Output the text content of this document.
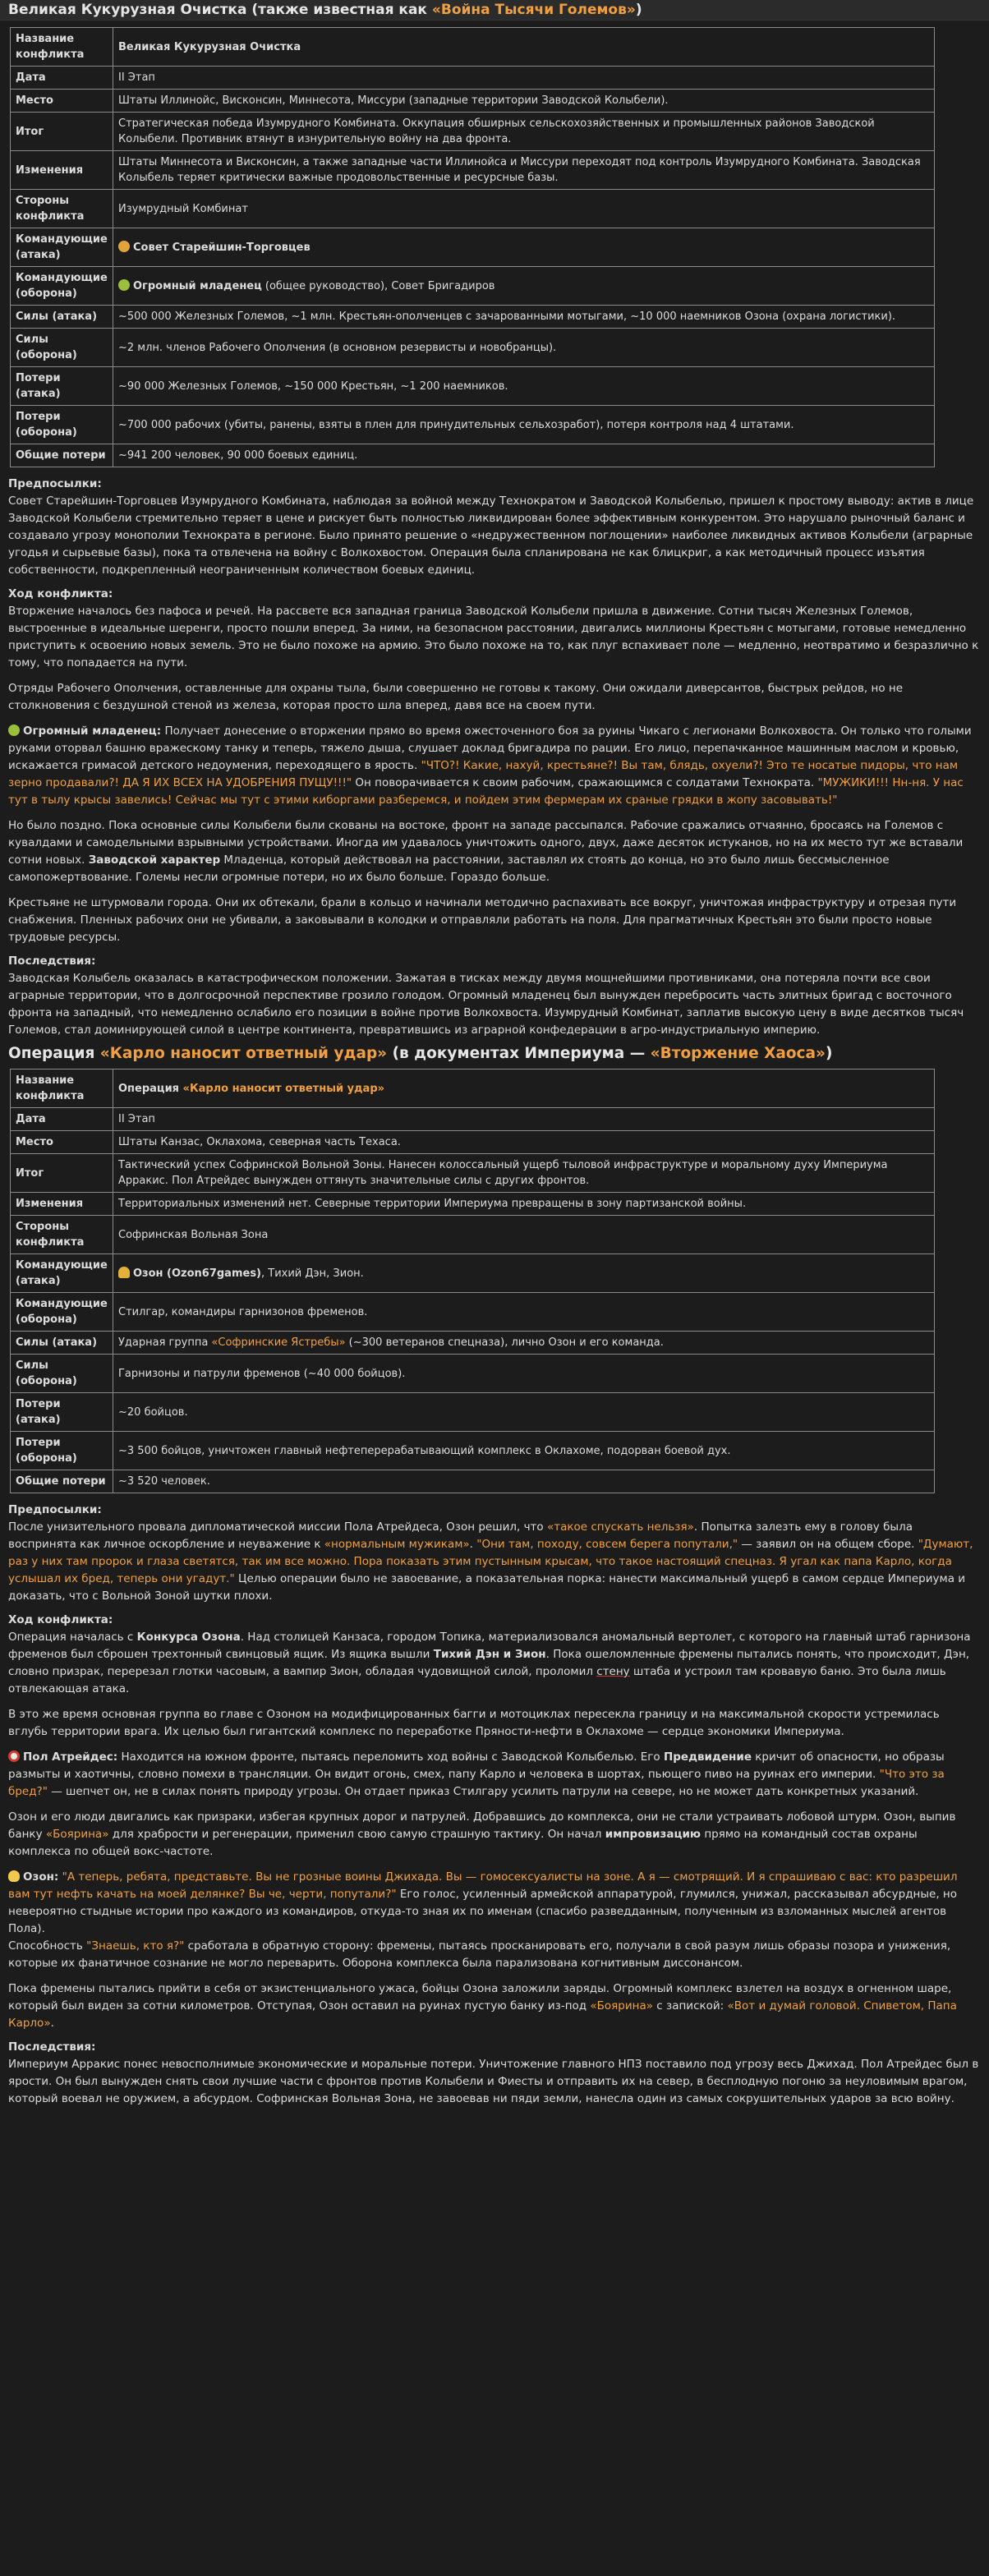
Великая Кукурузная Очистка (также известная как «Война Тысячи Големов»)
Название конфликта	Великая Кукурузная Очистка
Дата	II Этап
Место	Штаты Иллинойс, Висконсин, Миннесота, Миссури (западные территории Заводской Колыбели).
Итог	Стратегическая победа Изумрудного Комбината. Оккупация обширных сельскохозяйственных и промышленных районов Заводской Колыбели. Противник втянут в изнурительную войну на два фронта.
Изменения	Штаты Миннесота и Висконсин, а также западные части Иллинойса и Миссури переходят под контроль Изумрудного Комбината. Заводская Колыбель теряет критически важные продовольственные и ресурсные базы.
Стороны конфликта	Изумрудный Комбинат
Командующие (атака)	Совет Старейшин-Торговцев
Командующие (оборона)	Огромный младенец (общее руководство), Совет Бригадиров
Силы (атака)	~500 000 Железных Големов, ~1 млн. Крестьян-ополченцев с зачарованными мотыгами, ~10 000 наемников Озона (охрана логистики).
Силы (оборона)	~2 млн. членов Рабочего Ополчения (в основном резервисты и новобранцы).
Потери (атака)	~90 000 Железных Големов, ~150 000 Крестьян, ~1 200 наемников.
Потери (оборона)	~700 000 рабочих (убиты, ранены, взяты в плен для принудительных сельхозработ), потеря контроля над 4 штатами.
Общие потери	~941 200 человек, 90 000 боевых единиц.
Предпосылки:

Совет Старейшин-Торговцев Изумрудного Комбината, наблюдая за войной между Технократом и Заводской Колыбелью, пришел к простому выводу: актив в лице Заводской Колыбели стремительно теряет в цене и рискует быть полностью ликвидирован более эффективным конкурентом. Это нарушало рыночный баланс и создавало угрозу монополии Технократа в регионе. Было принято решение о «недружественном поглощении» наиболее ликвидных активов Колыбели (аграрные угодья и сырьевые базы), пока та отвлечена на войну с Волкохвостом. Операция была спланирована не как блицкриг, а как методичный процесс изъятия собственности, подкрепленный неограниченным количеством боевых единиц.

Ход конфликта:

Вторжение началось без пафоса и речей. На рассвете вся западная граница Заводской Колыбели пришла в движение. Сотни тысяч Железных Големов, выстроенные в идеальные шеренги, просто пошли вперед. За ними, на безопасном расстоянии, двигались миллионы Крестьян с мотыгами, готовые немедленно приступить к освоению новых земель. Это не было похоже на армию. Это было похоже на то, как плуг вспахивает поле — медленно, неотвратимо и безразлично к тому, что попадается на пути.

Отряды Рабочего Ополчения, оставленные для охраны тыла, были совершенно не готовы к такому. Они ожидали диверсантов, быстрых рейдов, но не столкновения с бездушной стеной из железа, которая просто шла вперед, давя все на своем пути.

Огромный младенец: Получает донесение о вторжении прямо во время ожесточенного боя за руины Чикаго с легионами Волкохвоста. Он только что голыми руками оторвал башню вражескому танку и теперь, тяжело дыша, слушает доклад бригадира по рации. Его лицо, перепачканное машинным маслом и кровью, искажается гримасой детского недоумения, переходящего в ярость. "ЧТО?! Какие, нахуй, крестьяне?! Вы там, блядь, охуели?! Это те носатые пидоры, что нам зерно продавали?! ДА Я ИХ ВСЕХ НА УДОБРЕНИЯ ПУЩУ!!!" Он поворачивается к своим рабочим, сражающимся с солдатами Технократа. "МУЖИКИ!!! Нн-ня. У нас тут в тылу крысы завелись! Сейчас мы тут с этими киборгами разберемся, и пойдем этим фермерам их сраные грядки в жопу засовывать!"

Но было поздно. Пока основные силы Колыбели были скованы на востоке, фронт на западе рассыпался. Рабочие сражались отчаянно, бросаясь на Големов с кувалдами и самодельными взрывными устройствами. Иногда им удавалось уничтожить одного, двух, даже десяток истуканов, но на их место тут же вставали сотни новых. Заводской характер Младенца, который действовал на расстоянии, заставлял их стоять до конца, но это было лишь бессмысленное самопожертвование. Големы несли огромные потери, но их было больше. Гораздо больше.

Крестьяне не штурмовали города. Они их обтекали, брали в кольцо и начинали методично распахивать все вокруг, уничтожая инфраструктуру и отрезая пути снабжения. Пленных рабочих они не убивали, а заковывали в колодки и отправляли работать на поля. Для прагматичных Крестьян это были просто новые трудовые ресурсы.

Последствия:

Заводская Колыбель оказалась в катастрофическом положении. Зажатая в тисках между двумя мощнейшими противниками, она потеряла почти все свои аграрные территории, что в долгосрочной перспективе грозило голодом. Огромный младенец был вынужден перебросить часть элитных бригад с восточного фронта на западный, что немедленно ослабило его позиции в войне против Волкохвоста. Изумрудный Комбинат, заплатив высокую цену в виде десятков тысяч Големов, стал доминирующей силой в центре континента, превратившись из аграрной конфедерации в агро-индустриальную империю.

Операция «Карло наносит ответный удар» (в документах Империума — «Вторжение Хаоса»)
Название конфликта	Операция «Карло наносит ответный удар»
Дата	II Этап
Место	Штаты Канзас, Оклахома, северная часть Техаса.
Итог	Тактический успех Софринской Вольной Зоны. Нанесен колоссальный ущерб тыловой инфраструктуре и моральному духу Империума Арракис. Пол Атрейдес вынужден оттянуть значительные силы с других фронтов.
Изменения	Территориальных изменений нет. Северные территории Империума превращены в зону партизанской войны.
Стороны конфликта	Софринская Вольная Зона
Командующие (атака)	Озон (Ozon67games), Тихий Дэн, Зион.
Командующие (оборона)	Стилгар, командиры гарнизонов фременов.
Силы (атака)	Ударная группа «Софринские Ястребы» (~300 ветеранов спецназа), лично Озон и его команда.
Силы (оборона)	Гарнизоны и патрули фременов (~40 000 бойцов).
Потери (атака)	~20 бойцов.
Потери (оборона)	~3 500 бойцов, уничтожен главный нефтеперерабатывающий комплекс в Оклахоме, подорван боевой дух.
Общие потери	~3 520 человек.
Предпосылки:

После унизительного провала дипломатической миссии Пола Атрейдеса, Озон решил, что «такое спускать нельзя». Попытка залезть ему в голову была воспринята как личное оскорбление и неуважение к «нормальным мужикам». "Они там, походу, совсем берега попутали," — заявил он на общем сборе. "Думают, раз у них там пророк и глаза светятся, так им все можно. Пора показать этим пустынным крысам, что такое настоящий спецназ. Я угал как папа Карло, когда услышал их бред, теперь они угадут." Целью операции было не завоевание, а показательная порка: нанести максимальный ущерб в самом сердце Империума и доказать, что с Вольной Зоной шутки плохи.

Ход конфликта:

Операция началась с Конкурса Озона. Над столицей Канзаса, городом Топика, материализовался аномальный вертолет, с которого на главный штаб гарнизона фременов был сброшен трехтонный свинцовый ящик. Из ящика вышли Тихий Дэн и Зион. Пока ошеломленные фремены пытались понять, что происходит, Дэн, словно призрак, перерезал глотки часовым, а вампир Зион, обладая чудовищной силой, проломил стену штаба и устроил там кровавую баню. Это была лишь отвлекающая атака.

В это же время основная группа во главе с Озоном на модифицированных багги и мотоциклах пересекла границу и на максимальной скорости устремилась вглубь территории врага. Их целью был гигантский комплекс по переработке Пряности-нефти в Оклахоме — сердце экономики Империума.

Пол Атрейдес: Находится на южном фронте, пытаясь переломить ход войны с Заводской Колыбелью. Его Предвидение кричит об опасности, но образы размыты и хаотичны, словно помехи в трансляции. Он видит огонь, смех, папу Карло и человека в шортах, пьющего пиво на руинах его империи. "Что это за бред?" — шепчет он, не в силах понять природу угрозы. Он отдает приказ Стилгару усилить патрули на севере, но не может дать конкретных указаний.

Озон и его люди двигались как призраки, избегая крупных дорог и патрулей. Добравшись до комплекса, они не стали устраивать лобовой штурм. Озон, выпив банку «Боярина» для храбрости и регенерации, применил свою самую страшную тактику. Он начал импровизацию прямо на командный состав охраны комплекса по общей вокс-частоте.

Озон: "А теперь, ребята, представьте. Вы не грозные воины Джихада. Вы — гомосексуалисты на зоне. А я — смотрящий. И я спрашиваю с вас: кто разрешил вам тут нефть качать на моей делянке? Вы че, черти, попутали?" Его голос, усиленный армейской аппаратурой, глумился, унижал, рассказывал абсурдные, но невероятно стыдные истории про каждого из командиров, откуда-то зная их по именам (спасибо разведданным, полученным из взломанных мыслей агентов Пола).

Способность "Знаешь, кто я?" сработала в обратную сторону: фремены, пытаясь просканировать его, получали в свой разум лишь образы позора и унижения, которые их фанатичное сознание не могло переварить. Оборона комплекса была парализована когнитивным диссонансом.

Пока фремены пытались прийти в себя от экзистенциального ужаса, бойцы Озона заложили заряды. Огромный комплекс взлетел на воздух в огненном шаре, который был виден за сотни километров. Отступая, Озон оставил на руинах пустую банку из-под «Боярина» с запиской: «Вот и думай головой. Спиветом, Папа Карло».

Последствия:

Империум Арракис понес невосполнимые экономические и моральные потери. Уничтожение главного НПЗ поставило под угрозу весь Джихад. Пол Атрейдес был в ярости. Он был вынужден снять свои лучшие части с фронтов против Колыбели и Фиесты и отправить их на север, в бесплодную погоню за неуловимым врагом, который воевал не оружием, а абсурдом. Софринская Вольная Зона, не завоевав ни пяди земли, нанесла один из самых сокрушительных ударов за всю войну.
